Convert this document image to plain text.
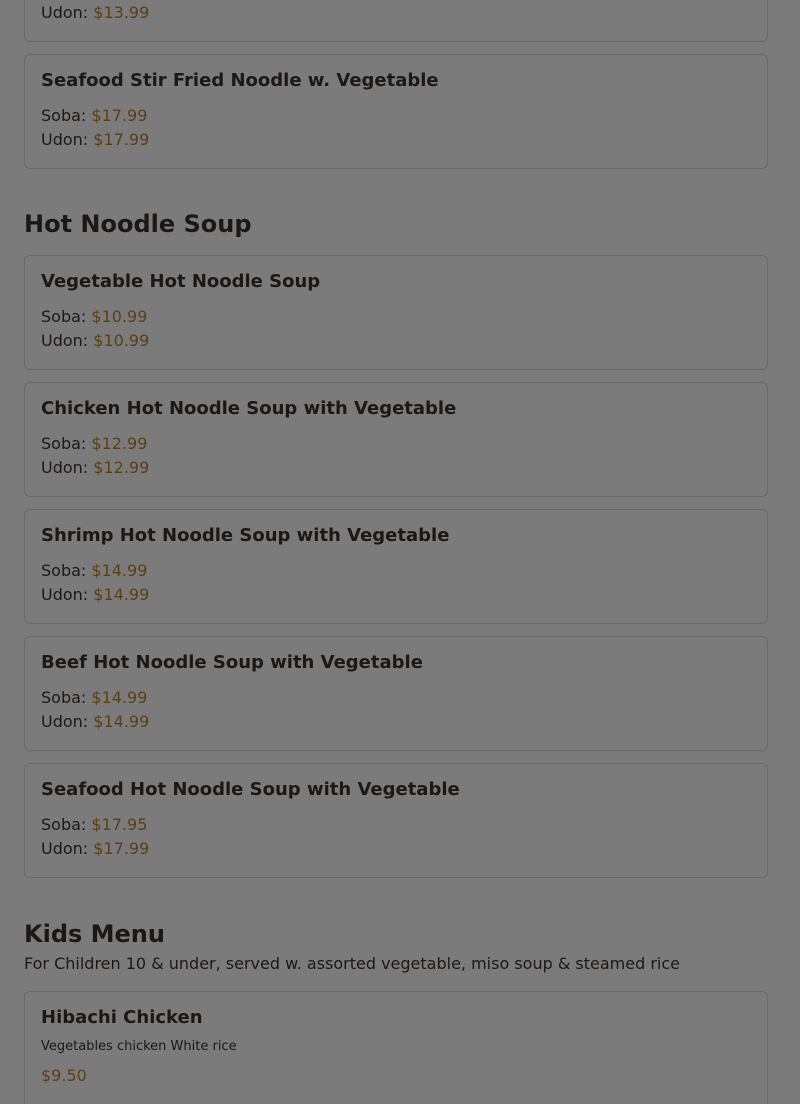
Udon: $13.99
Seafood Stir Fried Noodle w. Vegetable
Soba: $17.99
Udon: $17.99
Hot Noodle Soup
Vegetable Hot Noodle Soup
Soba: $10.99
Udon: $10.99
Chicken Hot Noodle Soup with Vegetable
Soba: $12.99
Udon: $12.99
Shrimp Hot Noodle Soup with Vegetable
Soba: $14.99
Udon: $14.99
Beef Hot Noodle Soup with Vegetable
Soba: $14.99
Udon: $14.99
Seafood Hot Noodle Soup with Vegetable
Soba: $17.95
Udon: $17.99
Kids Menu
For Children 10 & under, served w. assorted vegetable, miso soup & steamed rice
Hibachi Chicken
Vegetables chicken White rice
$9.50
